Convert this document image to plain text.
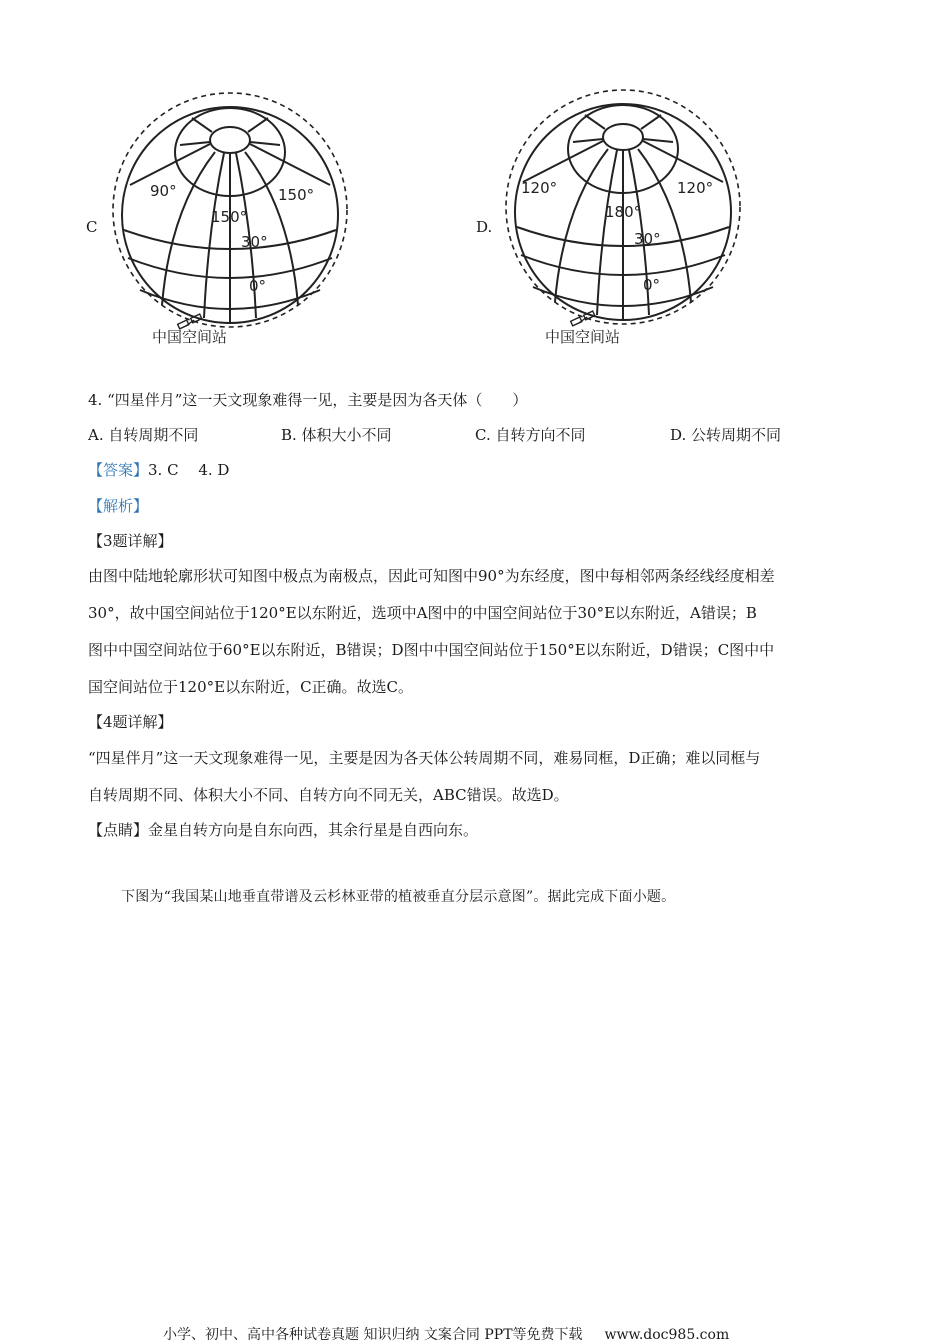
C
90°	150°
150°
30°
0°
中国空间站
D.
120°	120°
180°
30°
0°
中国空间站
4. “四星伴月”这一天文现象难得一见，主要是因为各天体（　　）
A. 自转周期不同	B. 体积大小不同	C. 自转方向不同	D. 公转周期不同
【答案】3. C　 4. D
【解析】
【3题详解】
由图中陆地轮廓形状可知图中极点为南极点，因此可知图中90°为东经度，图中每相邻两条经线经度相差
30°，故中国空间站位于120°E以东附近，选项中A图中的中国空间站位于30°E以东附近，A错误；B
图中中国空间站位于60°E以东附近，B错误；D图中中国空间站位于150°E以东附近，D错误；C图中中
国空间站位于120°E以东附近，C正确。故选C。
【4题详解】
“四星伴月”这一天文现象难得一见，主要是因为各天体公转周期不同，难易同框，D正确；难以同框与
自转周期不同、体积大小不同、自转方向不同无关，ABC错误。故选D。
【点睛】金星自转方向是自东向西，其余行星是自西向东。
下图为“我国某山地垂直带谱及云杉林亚带的植被垂直分层示意图”。据此完成下面小题。
小学、初中、高中各种试卷真题 知识归纳 文案合同 PPT等免费下载 www.doc985.com
